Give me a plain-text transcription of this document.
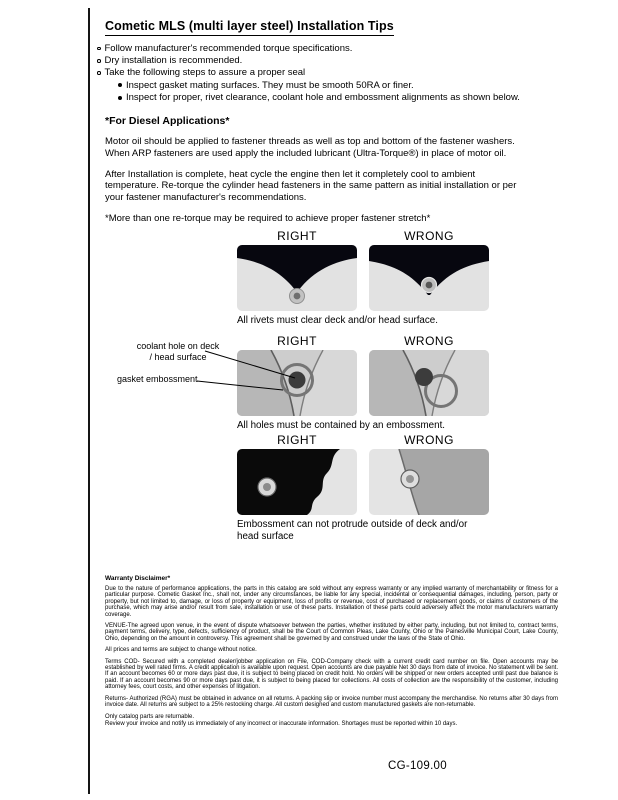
Cometic MLS (multi layer steel) Installation Tips
Follow manufacturer's recommended torque specifications.
Dry installation is recommended.
Take the following steps to assure a proper seal
Inspect gasket mating surfaces. They must be smooth 50RA or finer.
Inspect for proper, rivet clearance, coolant hole and embossment alignments as shown below.
*For Diesel Applications*

Motor oil should be applied to fastener threads as well as top and bottom of the fastener washers. When ARP fasteners are used apply the included lubricant (Ultra-Torque®) in place of motor oil.

After Installation is complete, heat cycle the engine then let it completely cool to ambient temperature. Re-torque the cylinder head fasteners in the same pattern as initial installation or per your fastener manufacturer's recommendations.

*More than one re-torque may be required to achieve proper fastener stretch*

RIGHT	WRONG
All rivets must clear deck and/or head surface.
RIGHT	WRONG
All holes must be contained by an embossment.
RIGHT	WRONG
Embossment can not protrude outside of deck and/or head surface
coolant hole on deck / head surface
gasket embossment
Warranty Disclaimer*

Due to the nature of performance applications, the parts in this catalog are sold without any express warranty or any implied warranty of merchantability or fitness for a particular purpose. Cometic Gasket Inc., shall not, under any circumstances, be liable for any special, incidental or consequential damages, including, person, party or property, but not limited to, damage, or loss of property or equipment, loss of profits or revenue, cost of purchased or replacement goods, or claims of customers of the purchase, which may arise and/or result from sale, installation or use of these parts. Installation of these parts could adversely affect the motor manufacturers warranty coverage.

VENUE-The agreed upon venue, in the event of dispute whatsoever between the parties, whether instituted by either party, including, but not limited to, contract terms, payment terms, delivery, type, defects, sufficiency of product, shall be the Court of Common Pleas, Lake County, Ohio or the Painesville Municipal Court, Lake County, Ohio, depending on the amount in controversy. This agreement shall be governed by and construed under the laws of the State of Ohio.

All prices and terms are subject to change without notice.

Terms COD- Secured with a completed dealer/jobber application on File, COD-Company check with a current credit card number on file. Open accounts may be established by well rated firms. A credit application is available upon request. Open accounts are due payable Net 30 days from date of invoice. No statement will be sent. If an account becomes 60 or more days past due, it is subject to being placed on credit hold. No orders will be shipped or new orders accepted until past due balance is paid. If an account becomes 90 or more days past due, it is subject to being placed for collections. All costs of collection are the responsibility of the customer, including attorney fees, court costs, and other expenses of litigation.

Returns- Authorized (RGA) must be obtained in advance on all returns. A packing slip or invoice number must accompany the merchandise. No returns after 30 days from invoice date. All returns are subject to a 25% restocking charge. All custom designed and custom manufactured gaskets are non-returnable.

Only catalog parts are returnable.

Review your invoice and notify us immediately of any incorrect or inaccurate information. Shortages must be reported within 10 days.

CG-109.00
